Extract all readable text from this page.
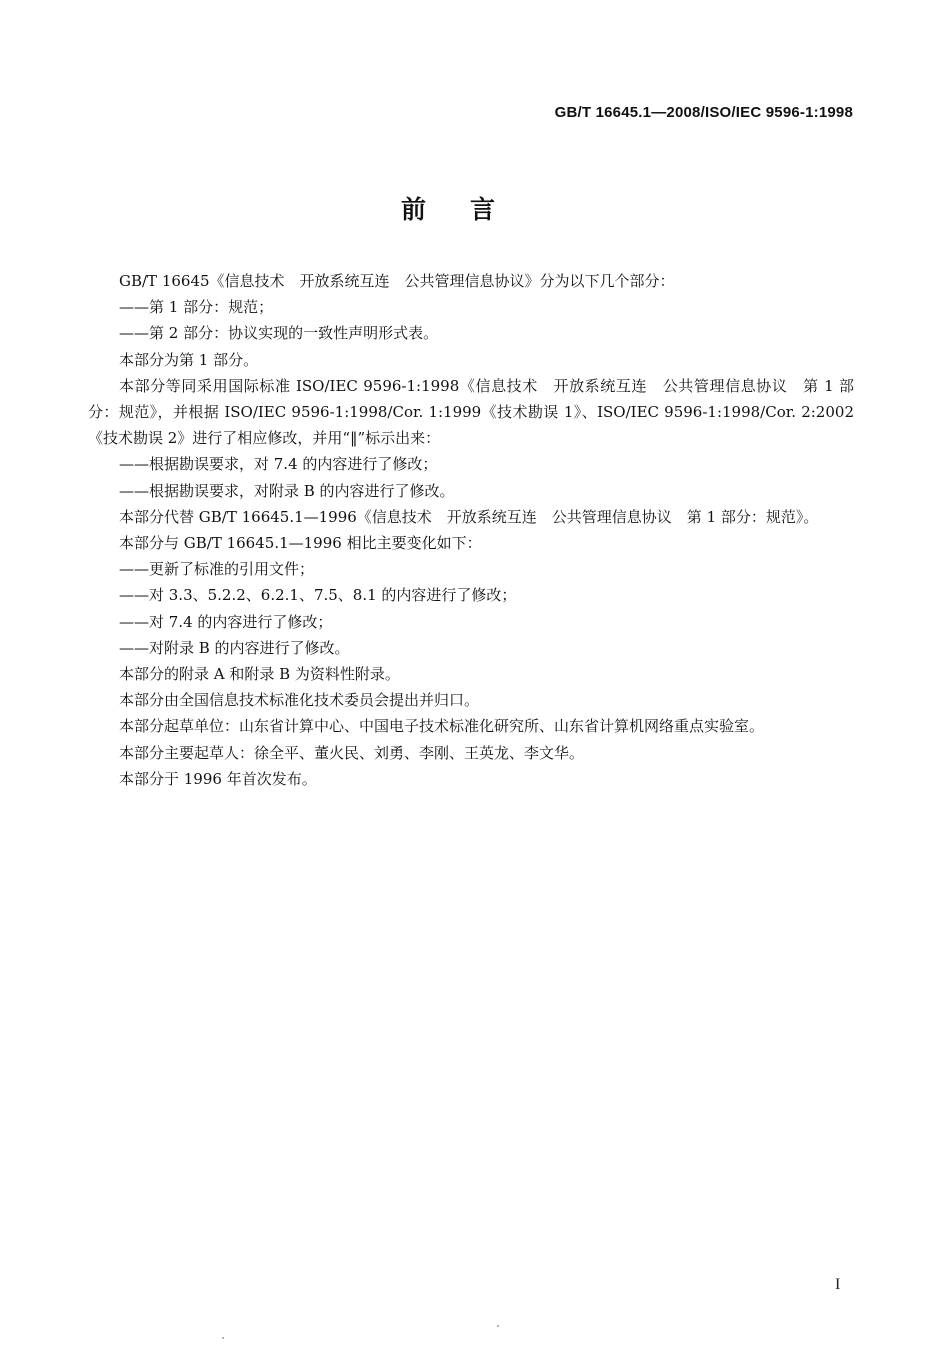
GB/T 16645.1—2008/ISO/IEC 9596-1:1998
前言

GB/T 16645《信息技术　开放系统互连　公共管理信息协议》分为以下几个部分：

——第 1 部分：规范；

——第 2 部分：协议实现的一致性声明形式表。

本部分为第 1 部分。

本部分等同采用国际标准 ISO/IEC 9596-1:1998《信息技术　开放系统互连　公共管理信息协议　第 1 部分：规范》，并根据 ISO/IEC 9596-1:1998/Cor. 1:1999《技术勘误 1》、ISO/IEC 9596-1:1998/Cor. 2:2002《技术勘误 2》进行了相应修改，并用“‖”标示出来：

——根据勘误要求，对 7.4 的内容进行了修改；

——根据勘误要求，对附录 B 的内容进行了修改。

本部分代替 GB/T 16645.1—1996《信息技术　开放系统互连　公共管理信息协议　第 1 部分：规范》。

本部分与 GB/T 16645.1—1996 相比主要变化如下：

——更新了标准的引用文件；

——对 3.3、5.2.2、6.2.1、7.5、8.1 的内容进行了修改；

——对 7.4 的内容进行了修改；

——对附录 B 的内容进行了修改。

本部分的附录 A 和附录 B 为资料性附录。

本部分由全国信息技术标准化技术委员会提出并归口。

本部分起草单位：山东省计算中心、中国电子技术标准化研究所、山东省计算机网络重点实验室。

本部分主要起草人：徐全平、董火民、刘勇、李刚、王英龙、李文华。

本部分于 1996 年首次发布。

I
